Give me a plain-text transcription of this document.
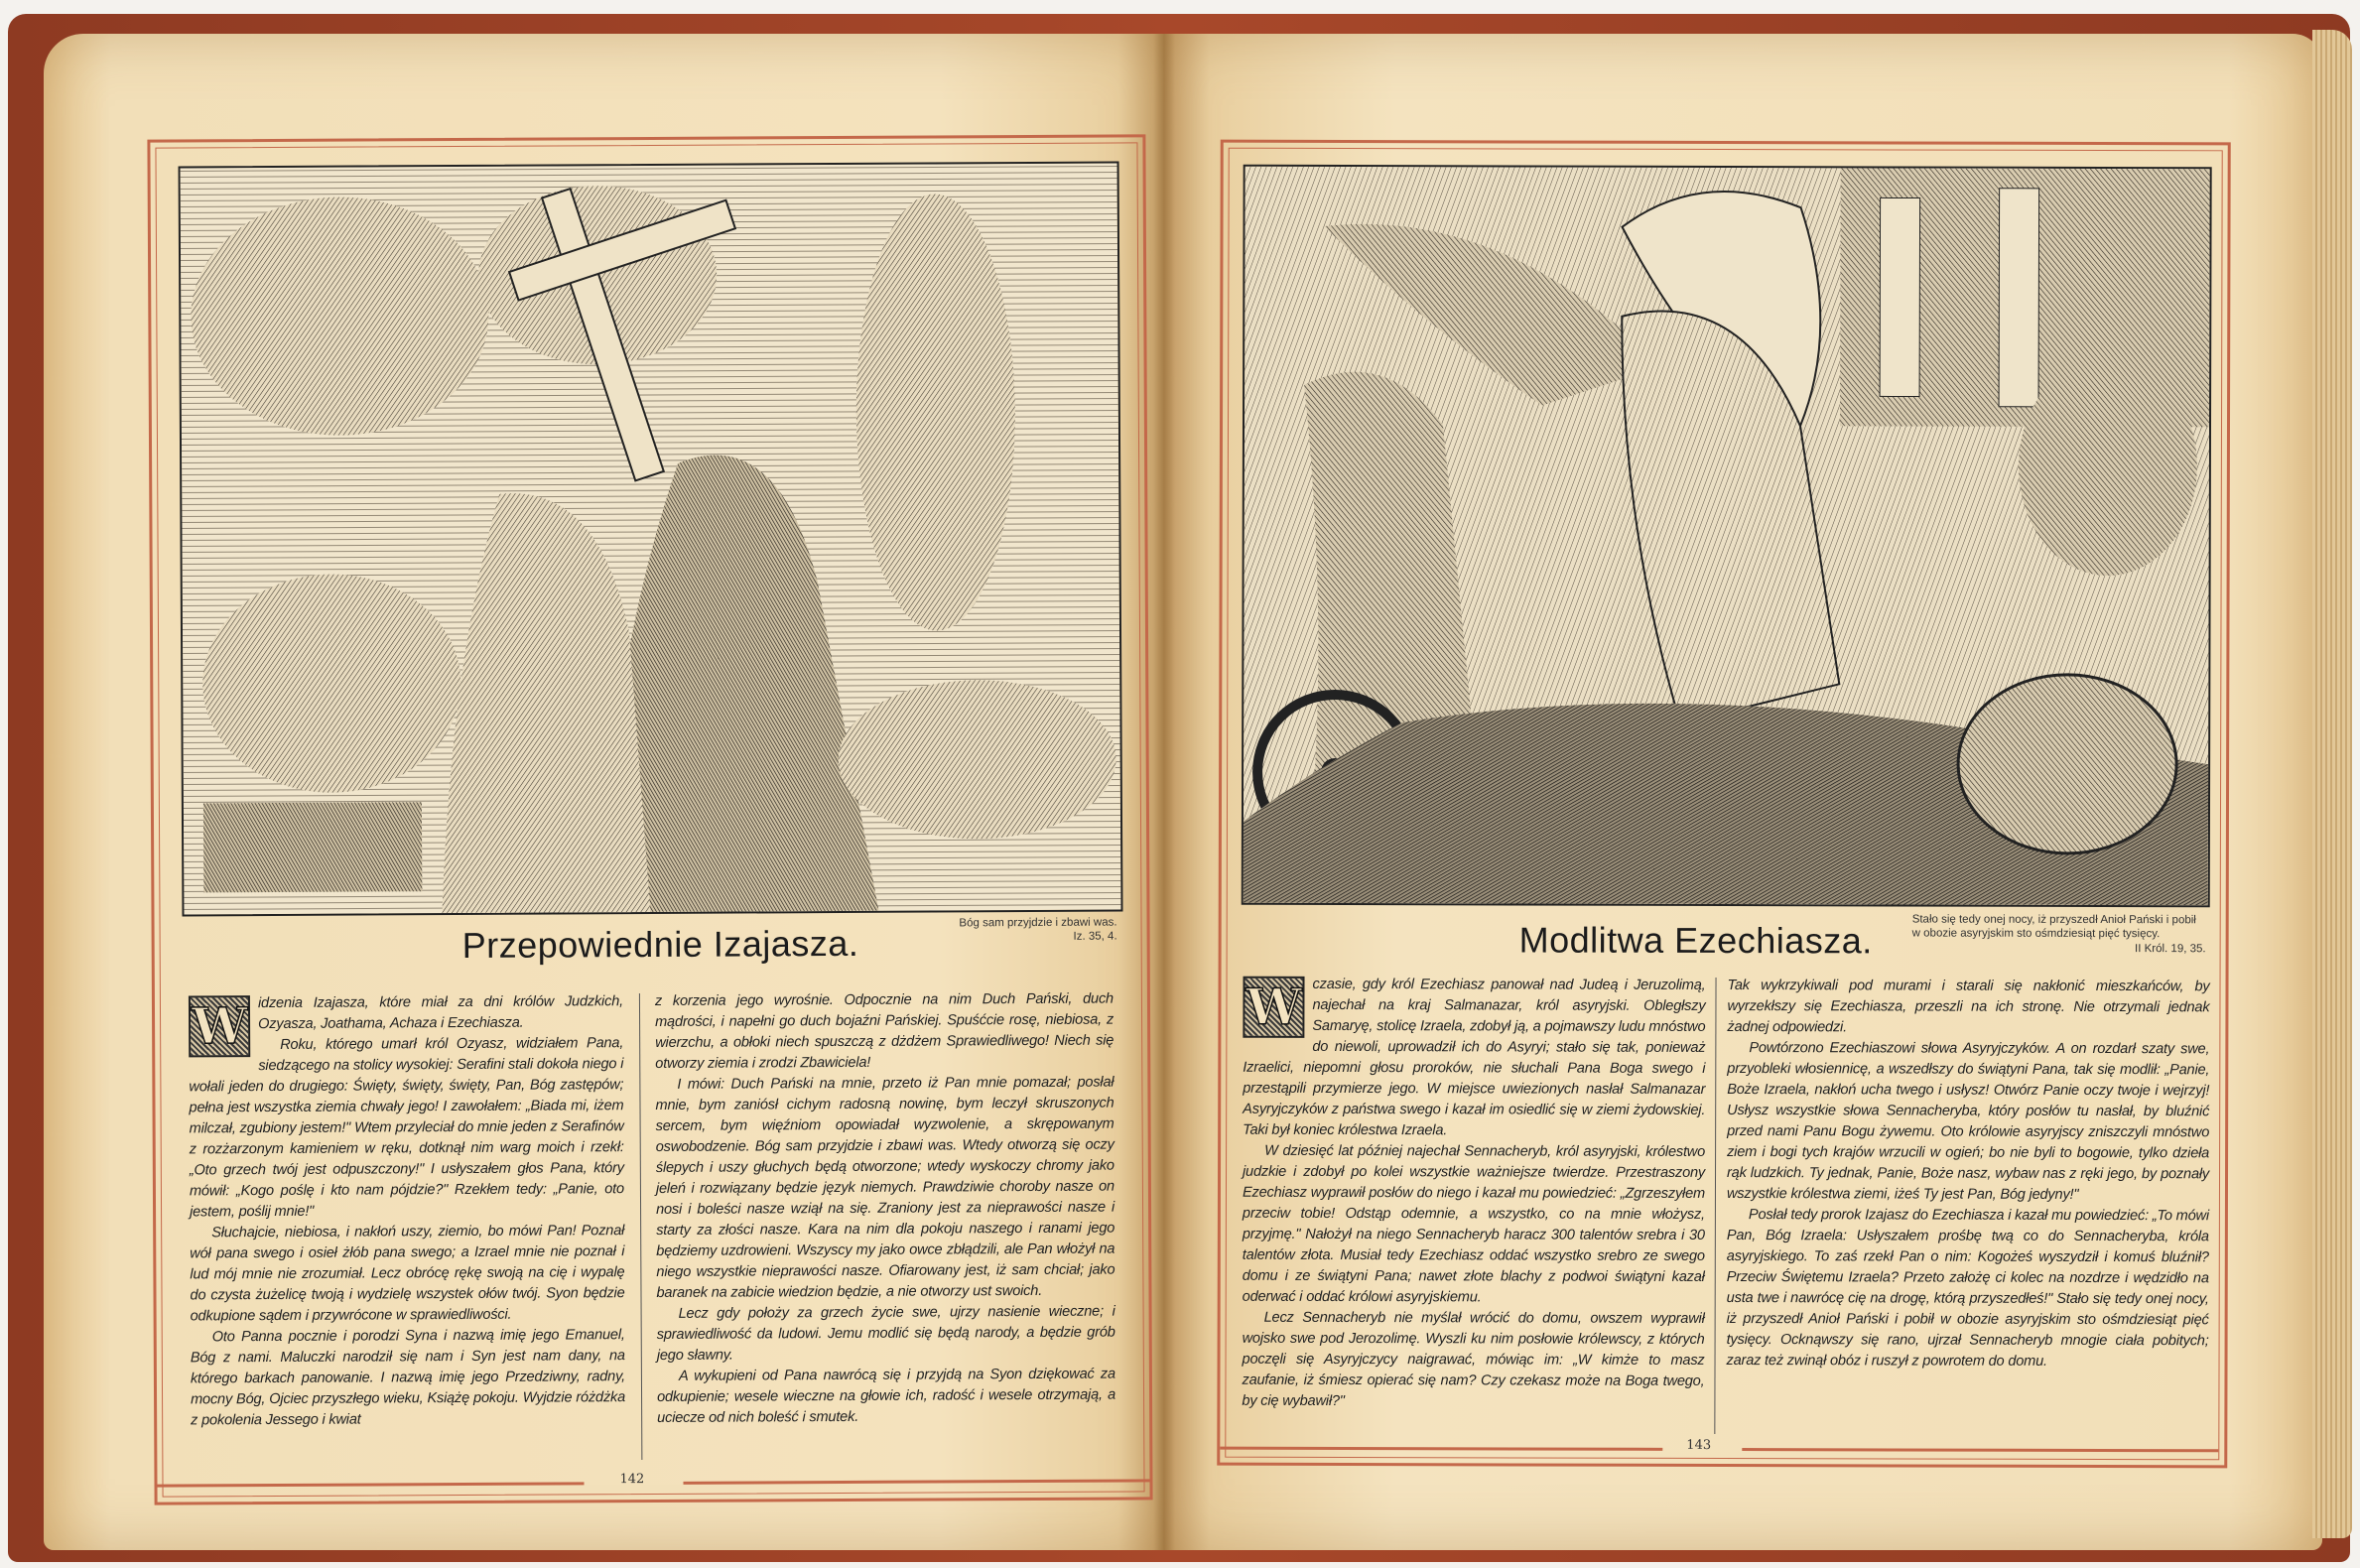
Bóg sam przyjdzie i zbawi was.
Iz. 35, 4.
Przepowiednie Izajasza.
W idzenia Izajasza, które miał za dni królów Judzkich, Ozyasza, Joathama, Achaza i Ezechiasza.

Roku, którego umarł król Ozyasz, widziałem Pana, siedzącego na stolicy wysokiej: Serafini stali dokoła niego i wołali jeden do drugiego: Święty, święty, święty, Pan, Bóg zastępów; pełna jest wszystka ziemia chwały jego! I zawołałem: „Biada mi, iżem milczał, zgubiony jestem!" Wtem przyleciał do mnie jeden z Serafinów z rozżarzonym kamieniem w ręku, dotknął nim warg moich i rzekł: „Oto grzech twój jest odpuszczony!" I usłyszałem głos Pana, który mówił: „Kogo poślę i kto nam pójdzie?" Rzekłem tedy: „Panie, oto jestem, poślij mnie!"

Słuchajcie, niebiosa, i nakłoń uszy, ziemio, bo mówi Pan! Poznał wół pana swego i osieł żłób pana swego; a Izrael mnie nie poznał i lud mój mnie nie zrozumiał. Lecz obrócę rękę swoją na cię i wypalę do czysta żużelicę twoją i wydzielę wszystek ołów twój. Syon będzie odkupione sądem i przywrócone w sprawiedliwości.

Oto Panna pocznie i porodzi Syna i nazwą imię jego Emanuel, Bóg z nami. Maluczki narodził się nam i Syn jest nam dany, na którego barkach panowanie. I nazwą imię jego Przedziwny, radny, mocny Bóg, Ojciec przyszłego wieku, Książę pokoju. Wyjdzie różdżka z pokolenia Jessego i kwiat

z korzenia jego wyrośnie. Odpocznie na nim Duch Pański, duch mądrości, i napełni go duch bojaźni Pańskiej. Spuśćcie rosę, niebiosa, z wierzchu, a obłoki niech spuszczą z dżdżem Sprawiedliwego! Niech się otworzy ziemia i zrodzi Zbawiciela!

I mówi: Duch Pański na mnie, przeto iż Pan mnie pomazał; posłał mnie, bym zaniósł cichym radosną nowinę, bym leczył skruszonych sercem, bym więźniom opowiadał wyzwolenie, a skrępowanym oswobodzenie. Bóg sam przyjdzie i zbawi was. Wtedy otworzą się oczy ślepych i uszy głuchych będą otworzone; wtedy wyskoczy chromy jako jeleń i rozwiązany będzie język niemych. Prawdziwie choroby nasze on nosi i boleści nasze wziął na się. Zraniony jest za nieprawości nasze i starty za złości nasze. Kara na nim dla pokoju naszego i ranami jego będziemy uzdrowieni. Wszyscy my jako owce zbłądzili, ale Pan włożył na niego wszystkie nieprawości nasze. Ofiarowany jest, iż sam chciał; jako baranek na zabicie wiedzion będzie, a nie otworzy ust swoich.

Lecz gdy położy za grzech życie swe, ujrzy nasienie wieczne; i sprawiedliwość da ludowi. Jemu modlić się będą narody, a będzie grób jego sławny.

A wykupieni od Pana nawrócą się i przyjdą na Syon dziękować za odkupienie; wesele wieczne na głowie ich, radość i wesele otrzymają, a uciecze od nich boleść i smutek.

142
Stało się tedy onej nocy, iż przyszedł Anioł Pański i pobił w obozie asyryjskim sto ośmdziesiąt pięć tysięcy.
II Król. 19, 35.
Modlitwa Ezechiasza.
W czasie, gdy król Ezechiasz panował nad Judeą i Jeruzolimą, najechał na kraj Salmanazar, król asyryjski. Obległszy Samaryę, stolicę Izraela, zdobył ją, a pojmawszy ludu mnóstwo do niewoli, uprowadził ich do Asyryi; stało się tak, ponieważ Izraelici, niepomni głosu proroków, nie słuchali Pana Boga swego i przestąpili przymierze jego. W miejsce uwiezionych nasłał Salmanazar Asyryjczyków z państwa swego i kazał im osiedlić się w ziemi żydowskiej. Taki był koniec królestwa Izraela.

W dziesięć lat później najechał Sennacheryb, król asyryjski, królestwo judzkie i zdobył po kolei wszystkie ważniejsze twierdze. Przestraszony Ezechiasz wyprawił posłów do niego i kazał mu powiedzieć: „Zgrzeszyłem przeciw tobie! Odstąp odemnie, a wszystko, co na mnie włożysz, przyjmę." Nałożył na niego Sennacheryb haracz 300 talentów srebra i 30 talentów złota. Musiał tedy Ezechiasz oddać wszystko srebro ze swego domu i ze świątyni Pana; nawet złote blachy z podwoi świątyni kazał oderwać i oddać królowi asyryjskiemu.

Lecz Sennacheryb nie myślał wrócić do domu, owszem wyprawił wojsko swe pod Jerozolimę. Wyszli ku nim posłowie królewscy, z których poczęli się Asyryjczycy naigrawać, mówiąc im: „W kimże to masz zaufanie, iż śmiesz opierać się nam? Czy czekasz może na Boga twego, by cię wybawił?"

Tak wykrzykiwali pod murami i starali się nakłonić mieszkańców, by wyrzekłszy się Ezechiasza, przeszli na ich stronę. Nie otrzymali jednak żadnej odpowiedzi.

Powtórzono Ezechiaszowi słowa Asyryjczyków. A on rozdarł szaty swe, przyobleki włosiennicę, a wszedłszy do świątyni Pana, tak się modlił: „Panie, Boże Izraela, nakłoń ucha twego i usłysz! Otwórz Panie oczy twoje i wejrzyj! Usłysz wszystkie słowa Sennacheryba, który posłów tu nasłał, by bluźnić przed nami Panu Bogu żywemu. Oto królowie asyryjscy zniszczyli mnóstwo ziem i bogi tych krajów wrzucili w ogień; bo nie byli to bogowie, tylko dzieła rąk ludzkich. Ty jednak, Panie, Boże nasz, wybaw nas z ręki jego, by poznały wszystkie królestwa ziemi, iżeś Ty jest Pan, Bóg jedyny!"

Posłał tedy prorok Izajasz do Ezechiasza i kazał mu powiedzieć: „To mówi Pan, Bóg Izraela: Usłyszałem prośbę twą co do Sennacheryba, króla asyryjskiego. To zaś rzekł Pan o nim: Kogożeś wyszydził i komuś bluźnił? Przeciw Świętemu Izraela? Przeto założę ci kolec na nozdrze i wędzidło na usta twe i nawrócę cię na drogę, którą przyszedłeś!" Stało się tedy onej nocy, iż przyszedł Anioł Pański i pobił w obozie asyryjskim sto ośmdziesiąt pięć tysięcy. Ocknąwszy się rano, ujrzał Sennacheryb mnogie ciała pobitych; zaraz też zwinął obóz i ruszył z powrotem do domu.

143
